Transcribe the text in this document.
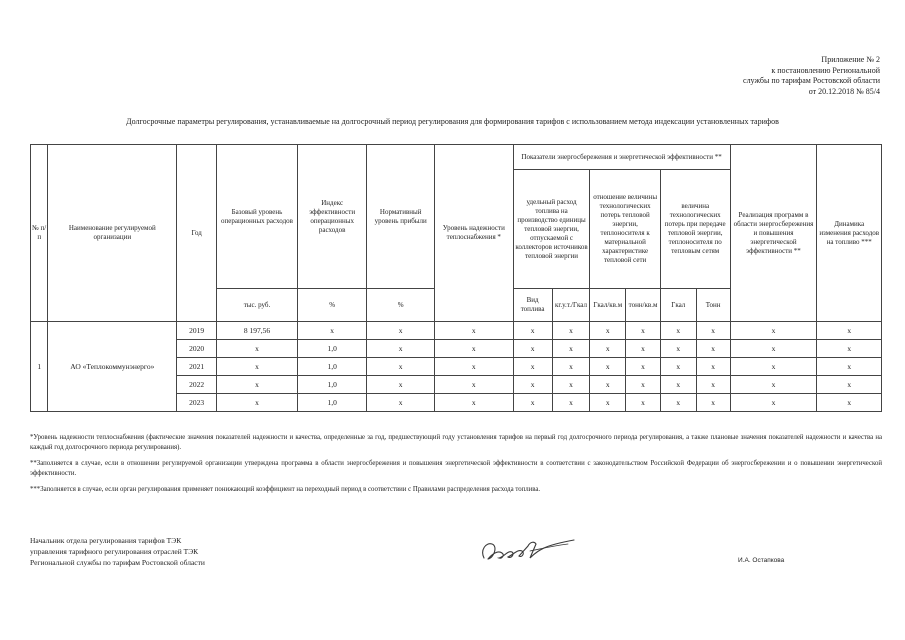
Приложение № 2
к постановлению Региональной
службы по тарифам Ростовской области
от 20.12.2018 № 85/4
Долгосрочные параметры регулирования, устанавливаемые на долгосрочный период регулирования для формирования тарифов с использованием метода индексации установленных тарифов
№ п/п	Наименование регулируемой организации	Год	Базовый уровень операционных расходов	Индекс эффективности операционных расходов	Нормативный уровень прибыли	Уровень надежности теплоснабжения *	Показатели энергосбережения и энергетической эффективности **						Реализация программ в области энергосбережения и повышения энергетической эффективности **	Динамика изменения расходов на топливо ***
							удельный расход топлива на производство единицы тепловой энергии, отпускаемой с коллекторов источников тепловой энергии		отношение величины технологических потерь тепловой энергии, теплоносителя к материальной характеристике тепловой сети		величина технологических потерь при передаче тепловой энергии, теплоносителя по тепловым сетям			
			тыс. руб.	%	%		Вид топлива	кг.у.т./Гкал	Гкал/кв.м	тонн/кв.м	Гкал	Тонн		
1	АО «Теплокоммунэнерго»	2019	8 197,56	х	х	х	х	х	х	х	х	х	х	х
		2020	х	1,0	х	х	х	х	х	х	х	х	х	х
		2021	х	1,0	х	х	х	х	х	х	х	х	х	х
		2022	х	1,0	х	х	х	х	х	х	х	х	х	х
		2023	х	1,0	х	х	х	х	х	х	х	х	х	х

*Уровень надежности теплоснабжения (фактические значения показателей надежности и качества, определенные за год, предшествующий году установления тарифов на первый год долгосрочного периода регулирования, а также плановые значения показателей надежности и качества на каждый год долгосрочного периода регулирования).

**Заполняется в случае, если в отношении регулируемой организации утверждена программа в области энергосбережения и повышения энергетической эффективности в соответствии с законодательством Российской Федерации об энергосбережении и о повышении энергетической эффективности.

***Заполняется в случае, если орган регулирования применяет понижающий коэффициент на переходный период в соответствии с Правилами распределения расхода топлива.

Начальник отдела регулирования тарифов ТЭК
управления тарифного регулирования отраслей ТЭК
Региональной службы по тарифам Ростовской области	И.А. Остапкова
